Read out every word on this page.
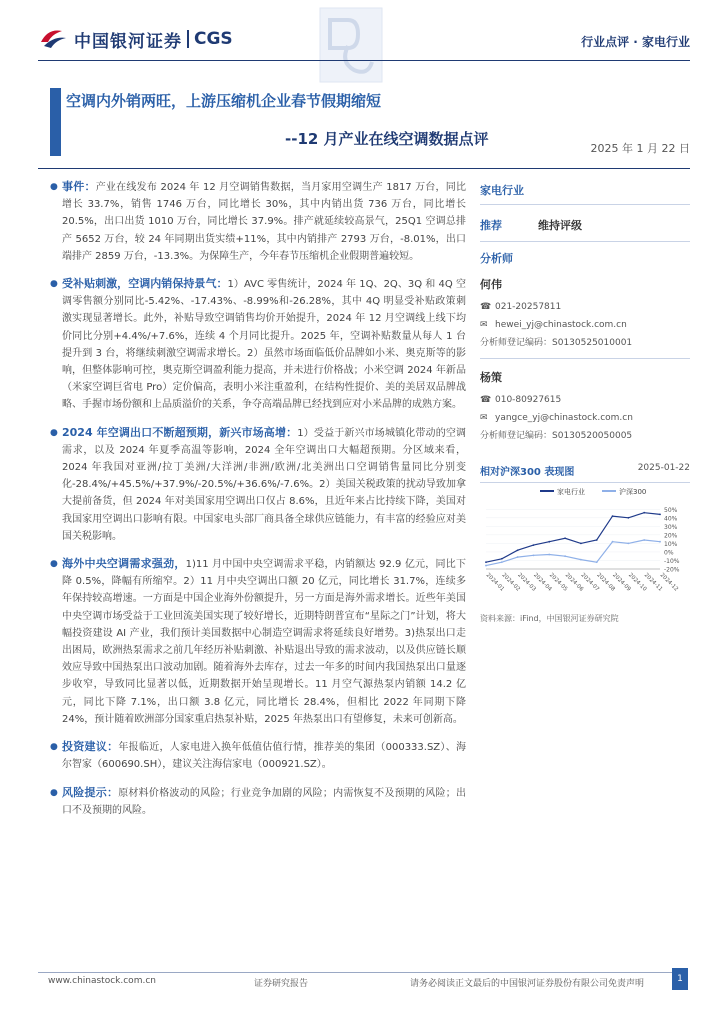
中国银河证券 CGS	行业点评 · 家电行业
空调内外销两旺，上游压缩机企业春节假期缩短
--12 月产业在线空调数据点评
2025 年 1 月 22 日
● 事件：产业在线发布 2024 年 12 月空调销售数据，当月家用空调生产 1817 万台，同比增长 33.7%，销售 1746 万台，同比增长 30%，其中内销出货 736 万台，同比增长 20.5%，出口出货 1010 万台，同比增长 37.9%。排产就延续较高景气，25Q1 空调总排产 5652 万台，较 24 年同期出货实绩+11%，其中内销排产 2793 万台，-8.01%，出口端排产 2859 万台，-13.3%。为保障生产，今年春节压缩机企业假期普遍较短。
● 受补贴刺激，空调内销保持景气：1）AVC 零售统计，2024 年 1Q、2Q、3Q 和 4Q 空调零售额分别同比-5.42%、-17.43%、-8.99%和-26.28%，其中 4Q 明显受补贴政策刺激实现显著增长。此外，补贴导致空调销售均价开始提升，2024 年 12 月空调线上线下均价同比分别+4.4%/+7.6%，连续 4 个月同比提升。2025 年，空调补贴数量从每人 1 台提升到 3 台，将继续刺激空调需求增长。2）虽然市场面临低价品牌如小米、奥克斯等的影响，但整体影响可控，奥克斯空调盈利能力提高，并未进行价格战；小米空调 2024 年新品（米家空调巨省电 Pro）定价偏高，表明小米注重盈利，在结构性提价、美的美居双品牌战略、手握市场份额和上品质溢价的关系，争夺高端品牌已经找到应对小米品牌的成熟方案。
● 2024 年空调出口不断超预期，新兴市场高增：1）受益于新兴市场城镇化带动的空调需求，以及 2024 年夏季高温等影响，2024 全年空调出口大幅超预期。分区域来看，2024 年我国对亚洲/拉丁美洲/大洋洲/非洲/欧洲/北美洲出口空调销售量同比分别变化-28.4%/+45.5%/+37.9%/-20.5%/+36.6%/-7.6%。2）美国关税政策的扰动导致加拿大提前备货，但 2024 年对美国家用空调出口仅占 8.6%，且近年来占比持续下降，美国对我国家用空调出口影响有限。中国家电头部厂商具备全球供应链能力，有丰富的经验应对美国关税影响。
● 海外中央空调需求强劲，1)11 月中国中央空调需求平稳，内销额达 92.9 亿元，同比下降 0.5%，降幅有所缩窄。2）11 月中央空调出口额 20 亿元，同比增长 31.7%，连续多年保持较高增速。一方面是中国企业海外份额提升，另一方面是海外需求增长。近些年美国中央空调市场受益于工业回流美国实现了较好增长，近期特朗普宣布“星际之门”计划，将大幅投资建设 AI 产业，我们预计美国数据中心制造空调需求将延续良好增势。3)热泵出口走出困局，欧洲热泵需求之前几年经历补贴刺激、补贴退出导致的需求波动，以及供应链长顺效应导致中国热泵出口波动加剧。随着海外去库存，过去一年多的时间内我国热泵出口量逐步收窄，导致同比显著以低，近期数据开始呈现增长。11 月空气源热泵内销额 14.2 亿元，同比下降 7.1%，出口额 3.8 亿元，同比增长 28.4%，但相比 2022 年同期下降 24%，预计随着欧洲部分国家重启热泵补贴，2025 年热泵出口有望修复，未来可创新高。
● 投资建议：年报临近，人家电进入换年低值估值行情，推荐美的集团（000333.SZ）、海尔智家（600690.SH），建议关注海信家电（000921.SZ）。
● 风险提示：原材料价格波动的风险；行业竞争加剧的风险；内需恢复不及预期的风险；出口不及预期的风险。
家电行业
推荐	维持评级
分析师
何伟
☎ 021-20257811
✉ hewei_yj@chinastock.com.cn
分析师登记编码：S0130525010001
杨策
☎ 010-80927615
✉ yangce_yj@chinastock.com.cn
分析师登记编码：S0130520050005
相对沪深300 表现图	2025-01-22
家电行业	沪深300
50%
40%
30%
20%
10%
0%
-10%
-20%
2024-01
2024-02
2024-03
2024-04
2024-05
2024-06
2024-07
2024-08
2024-09
2024-10
2024-11
2024-12
资料来源：iFind，中国银河证券研究院
www.chinastock.com.cn	证券研究报告	请务必阅读正文最后的中国银河证券股份有限公司免责声明	1
